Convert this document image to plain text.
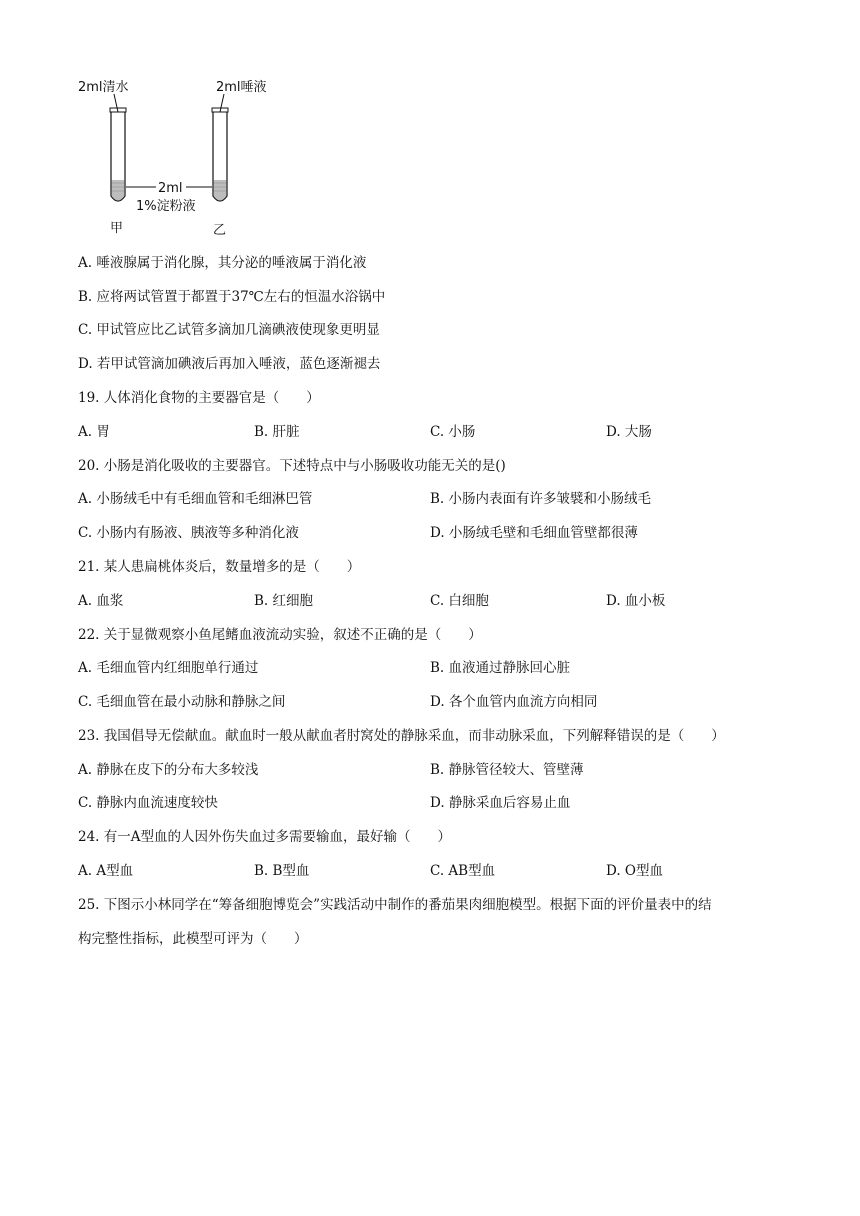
2ml清水	2ml唾液
2ml
1%淀粉液
甲	乙
A. 唾液腺属于消化腺，其分泌的唾液属于消化液
B. 应将两试管置于都置于37℃左右的恒温水浴锅中
C. 甲试管应比乙试管多滴加几滴碘液使现象更明显
D. 若甲试管滴加碘液后再加入唾液，蓝色逐渐褪去
19. 人体消化食物的主要器官是（　　）
A. 胃	B. 肝脏	C. 小肠	D. 大肠
20. 小肠是消化吸收的主要器官。下述特点中与小肠吸收功能无关的是()
A. 小肠绒毛中有毛细血管和毛细淋巴管	B. 小肠内表面有许多皱襞和小肠绒毛
C. 小肠内有肠液、胰液等多种消化液	D. 小肠绒毛壁和毛细血管壁都很薄
21. 某人患扁桃体炎后，数量增多的是（　　）
A. 血浆	B. 红细胞	C. 白细胞	D. 血小板
22. 关于显微观察小鱼尾鳍血液流动实验，叙述不正确的是（　　）
A. 毛细血管内红细胞单行通过	B. 血液通过静脉回心脏
C. 毛细血管在最小动脉和静脉之间	D. 各个血管内血流方向相同
23. 我国倡导无偿献血。献血时一般从献血者肘窝处的静脉采血，而非动脉采血，下列解释错误的是（　　）
A. 静脉在皮下的分布大多较浅	B. 静脉管径较大、管壁薄
C. 静脉内血流速度较快	D. 静脉采血后容易止血
24. 有一A型血的人因外伤失血过多需要输血，最好输（　　）
A. A型血	B. B型血	C. AB型血	D. O型血
25. 下图示小林同学在“筹备细胞博览会”实践活动中制作的番茄果肉细胞模型。根据下面的评价量表中的结
构完整性指标，此模型可评为（　　）
